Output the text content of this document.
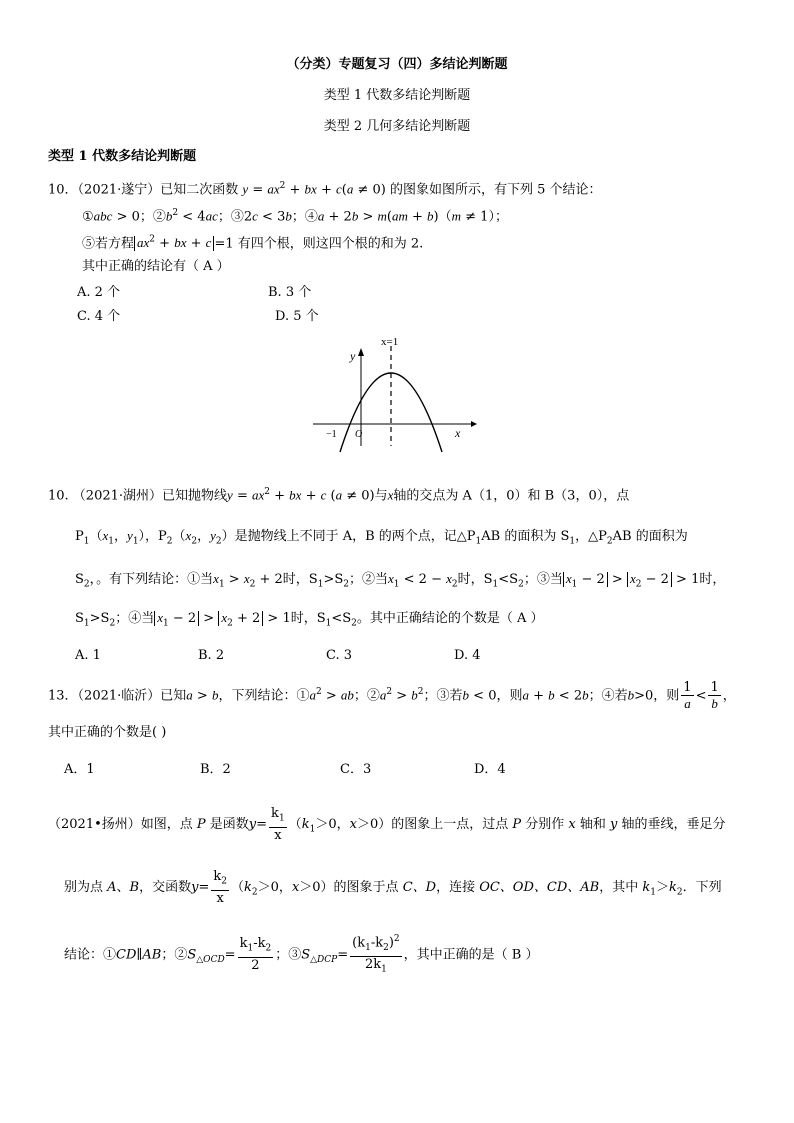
（分类）专题复习（四）多结论判断题
类型 1 代数多结论判断题
类型 2 几何多结论判断题
类型 1 代数多结论判断题
10．（2021·遂宁）已知二次函数 $y = ax^2$ + bx + c(a ≠ 0) 的图象如图所示，有下列 5 个结论：
①abc > 0；$②b^2 < 4ac$；③2c < 3b；④a + 2b > m(am + b)（m ≠ 1）；
⑤若方程 $ax^2$ + bx + c =1 有四个根，则这四个根的和为 2.
其中正确的结论有（ A ）
A. 2 个	B. 3 个
C. 4 个	D. 5 个
x=1
y
x
O
−1
10. （2021·湖州）已知抛物线$y = ax^2$ + bx + c (a ≠ 0)与x轴的交点为 A（1，0）和 B（3，0），点
$P_1(x_1$，$y_1$），$P_2(x_2$，$y_2$）是抛物线上不同于 A，B 的两个点，记$\triangle P_1AB$ 的面积为 $S_1$，$\triangle P_2AB$ 的面积为
$S_2$，。有下列结论：①当$x_1 > x_2 + 2$时，$S_1>S_2$；②当$x_1 < 2 - x_2$时，$S_1<S_2$；③当 $x_1 - 2 > x_2 - 2 > 1$时，
$S_1>S_2$；④当 $x_1 - 2 > x_2 + 2 > 1$时，$S_1<S_2$。其中正确结论的个数是（ A ）
A. 1	B. 2	C. 3	D. 4
13．（2021·临沂）已知a > b，下列结论：$①a^2$ > ab；$②a^2 > b^2$；③若b < 0，则a + b < 2b；④若b>0，则 $\frac{1}{a} < \frac{1}{b}$ ，
其中正确的个数是( )
A．1	B．2	C．3	D．4
（2021•扬州）如图，点 P 是函数$y= \frac{k_1}{x} (k_1>0$，x＞0）的图象上一点，过点 P 分别作 x 轴和 y 轴的垂线，垂足分
别为点 A、B，交函数$y= \frac{k_2}{x} (k_2>0$，x＞0）的图象于点 C、D，连接 OC、OD、CD、AB，其中 $k_1>k_2$．下列
结论：①CD∥AB；$②S_{\triangle OCD}= \frac{k_1-k_2}{2}$ ；$③S_{\triangle DCP}= \frac{(k_1-k_2)^2}{2k_1}$ ，其中正确的是（ B ）
